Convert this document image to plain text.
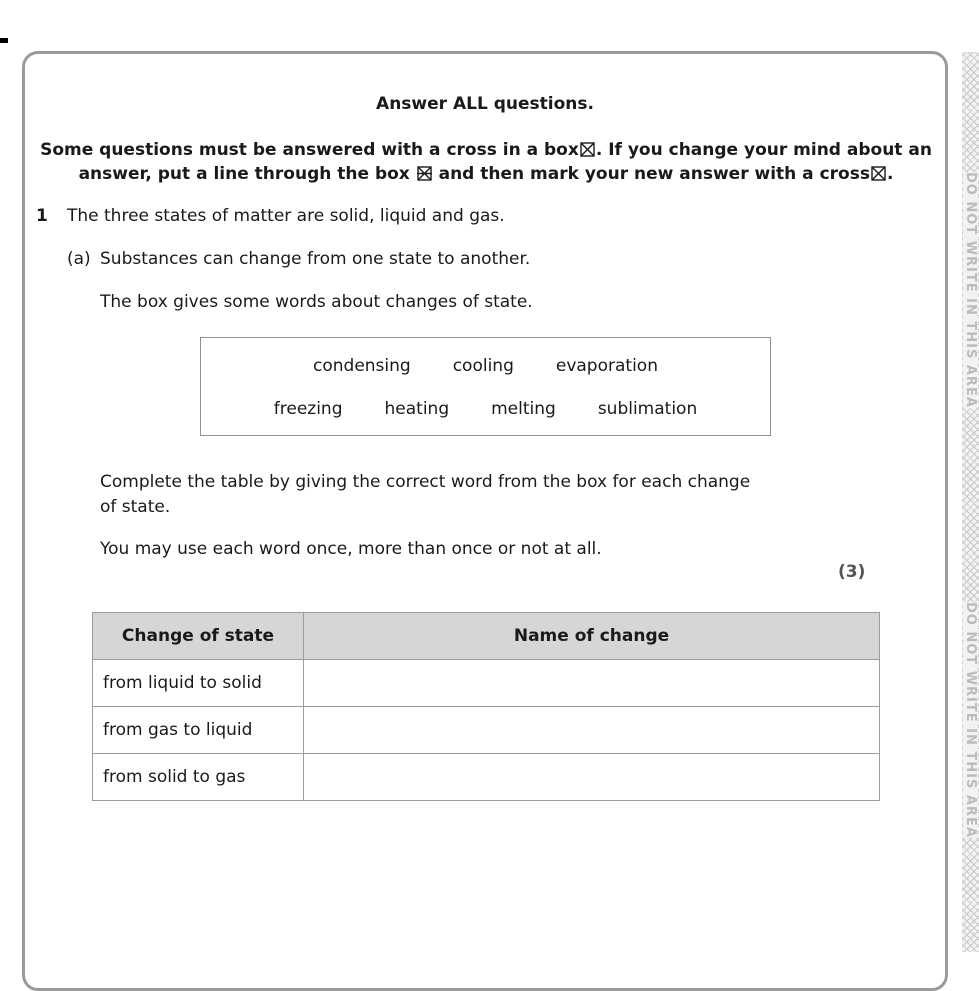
DO NOT WRITE IN THIS AREA
DO NOT WRITE IN THIS AREA
Answer ALL questions.
Some questions must be answered with a cross in a box☒. If you change your mind about an
answer, put a line through the box and then mark your new answer with a cross☒.
1 The three states of matter are solid, liquid and gas.
(a) Substances can change from one state to another.
The box gives some words about changes of state.
condensing cooling evaporation
freezing heating melting sublimation
Complete the table by giving the correct word from the box for each change
of state.
You may use each word once, more than once or not at all.
(3)
Change of state	Name of change
from liquid to solid	
from gas to liquid	
from solid to gas	
